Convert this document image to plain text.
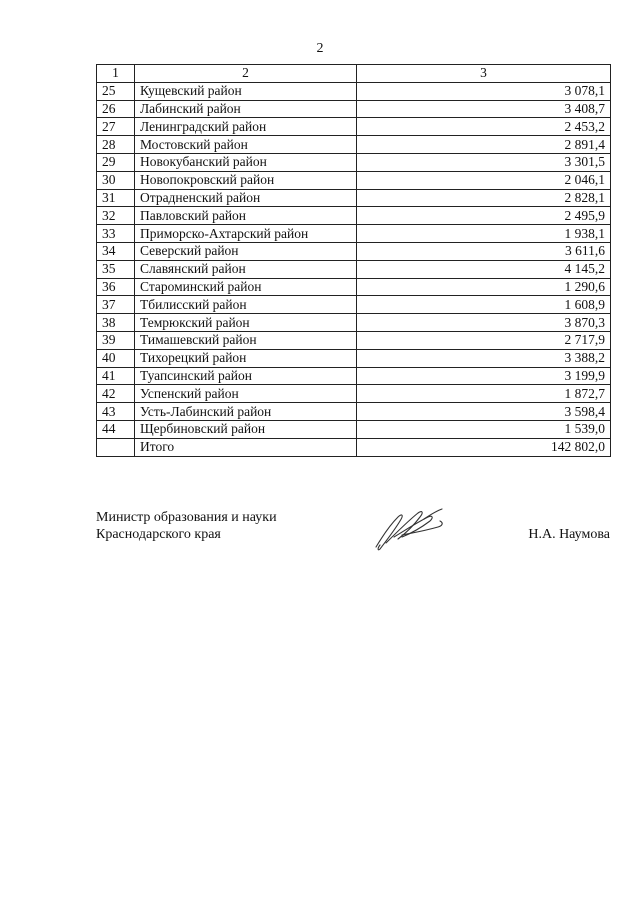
2
1	2	3
25	Кущевский район	3 078,1
26	Лабинский район	3 408,7
27	Ленинградский район	2 453,2
28	Мостовский район	2 891,4
29	Новокубанский район	3 301,5
30	Новопокровский район	2 046,1
31	Отрадненский район	2 828,1
32	Павловский район	2 495,9
33	Приморско-Ахтарский район	1 938,1
34	Северский район	3 611,6
35	Славянский район	4 145,2
36	Староминский район	1 290,6
37	Тбилисский район	1 608,9
38	Темрюкский район	3 870,3
39	Тимашевский район	2 717,9
40	Тихорецкий район	3 388,2
41	Туапсинский район	3 199,9
42	Успенский район	1 872,7
43	Усть-Лабинский район	3 598,4
44	Щербиновский район	1 539,0
	Итого	142 802,0
Министр образования и науки
Краснодарского края	Н.А. Наумова
